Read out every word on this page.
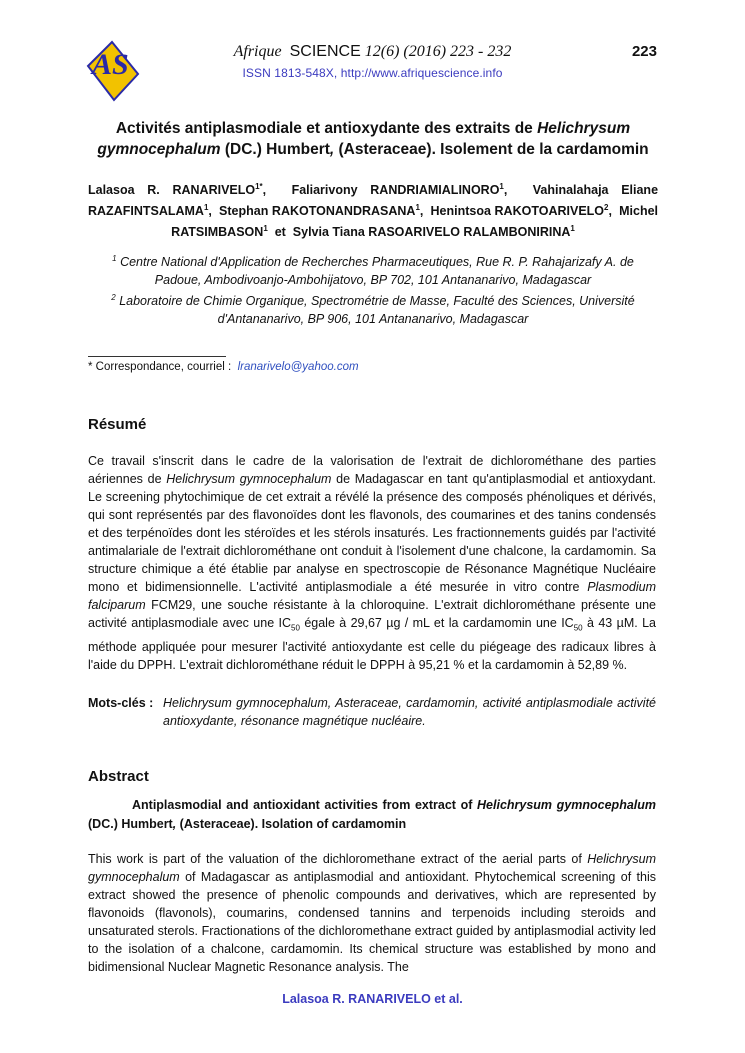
AS	Afrique SCIENCE 12(6) (2016) 223 - 232	223
ISSN 1813-548X, http://www.afriquescience.info
Activités antiplasmodiale et antioxydante des extraits de Helichrysum gymnocephalum (DC.) Humbert, (Asteraceae). Isolement de la cardamomin
Lalasoa R. $RANARIVELO^{1*}$,  Faliarivony RANDRIAMIALINORO$^1$,  Vahinalahaja Eliane RAZAFINTSALAMA$^1$,  Stephan RAKOTONANDRASANA$^1$,  Henintsoa RAKOTOARIVELO$^2$,  Michel RATSIMBASON$^1$  et  Sylvia Tiana RASOARIVELO RALAMBONIRINA$^1$
$^1$ Centre National d'Application de Recherches Pharmaceutiques, Rue R. P. Rahajarizafy A. de Padoue, Ambodivoanjo-Ambohijatovo, BP 702, 101 Antananarivo, Madagascar
$^2$ Laboratoire de Chimie Organique, Spectrométrie de Masse, Faculté des Sciences, Université d'Antananarivo, BP 906, 101 Antananarivo, Madagascar
* Correspondance, courriel : lranarivelo@yahoo.com
Résumé
Ce travail s'inscrit dans le cadre de la valorisation de l'extrait de dichlorométhane des parties aériennes de Helichrysum gymnocephalum de Madagascar en tant qu'antiplasmodial et antioxydant. Le screening phytochimique de cet extrait a révélé la présence des composés phénoliques et dérivés, qui sont représentés par des flavonoïdes dont les flavonols, des coumarines et des tanins condensés et des terpénoïdes dont les stéroïdes et les stérols insaturés. Les fractionnements guidés par l'activité antimalariale de l'extrait dichlorométhane ont conduit à l'isolement d'une chalcone, la cardamomin. Sa structure chimique a été établie par analyse en spectroscopie de Résonance Magnétique Nucléaire mono et bidimensionnelle. L'activité antiplasmodiale a été mesurée in vitro contre Plasmodium falciparum FCM29, une souche résistante à la chloroquine. L'extrait dichlorométhane présente une activité antiplasmodiale avec une $IC_{50}$ égale à 29,67 µg / mL et la cardamomin une $IC_{50}$ à 43 µM. La méthode appliquée pour mesurer l'activité antioxydante est celle du piégeage des radicaux libres à l'aide du DPPH. L'extrait dichlorométhane réduit le DPPH à 95,21 % et la cardamomin à 52,89 %.
Mots-clés : Helichrysum gymnocephalum, Asteraceae, cardamomin, activité antiplasmodiale activité antioxydante, résonance magnétique nucléaire.
Abstract
Antiplasmodial and antioxidant activities from extract of Helichrysum gymnocephalum (DC.) Humbert, (Asteraceae). Isolation of cardamomin
This work is part of the valuation of the dichloromethane extract of the aerial parts of Helichrysum gymnocephalum of Madagascar as antiplasmodial and antioxidant. Phytochemical screening of this extract showed the presence of phenolic compounds and derivatives, which are represented by flavonoids (flavonols), coumarins, condensed tannins and terpenoids including steroids and unsaturated sterols. Fractionations of the dichloromethane extract guided by antiplasmodial activity led to the isolation of a chalcone, cardamomin. Its chemical structure was established by mono and bidimensional Nuclear Magnetic Resonance analysis. The
Lalasoa R. RANARIVELO et al.
